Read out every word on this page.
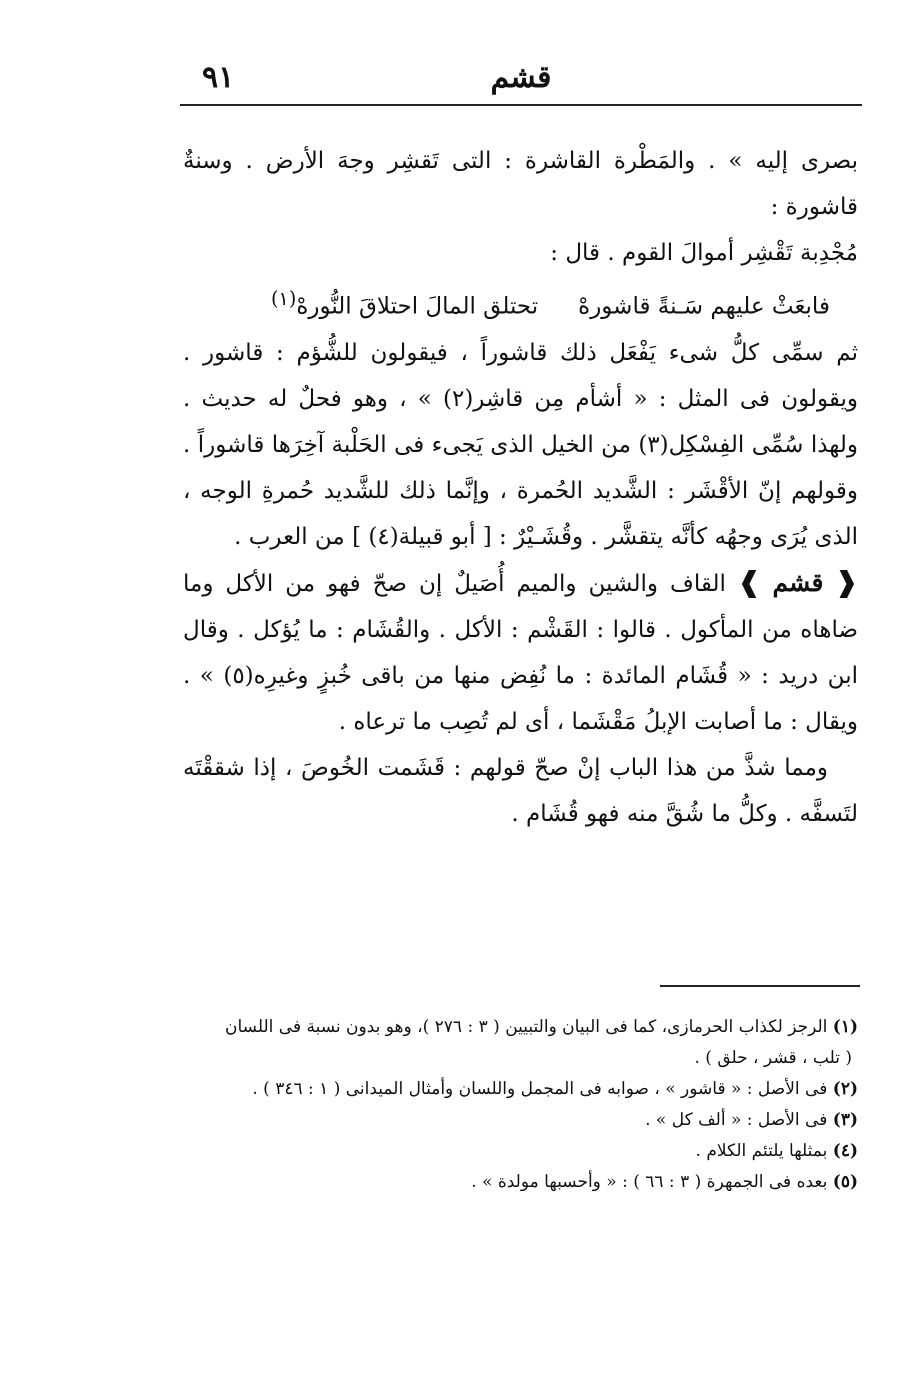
٩١	قشم

بصرى إليه » . والمَطْرة القاشرة : التى تَقشِر وجهَ الأرض . وسنةٌ قاشورة :
مُجْدِبة تَقْشِر أموالَ القوم . قال :

فابعَثْ عليهم سَـنةً قاشورهْتحتلق المالَ احتلاقَ النُّورهْ$^{(١)}$

ثم سمِّى كلُّ شىء يَفْعَل ذلك قاشوراً ، فيقولون للشُّؤم : قاشور . ويقولون فى المثل : « أشأم مِن قاشِر(٢) » ، وهو فحلٌ له حديث . ولهذا سُمِّى الفِسْكِل(٣) من الخيل الذى يَجىء فى الحَلْبة آخِرَها قاشوراً . وقولهم إنّ الأقْشَر : الشَّديد الحُمرة ، وإنَّما ذلك للشَّديد حُمرةِ الوجه ، الذى يُرَى وجهُه كأنَّه يتقشَّر . وقُشَـيْرٌ : [ أبو قبيلة(٤) ] من العرب .

❰ قشم ❱ القاف والشين والميم أُصَيلٌ إن صحّ فهو من الأكل وما ضاهاه من المأكول . قالوا : القَشْم : الأكل . والقُشَام : ما يُؤكل . وقال ابن دريد : « قُشَام المائدة : ما نُفِض منها من باقى خُبزٍ وغيرِه(٥) » . ويقال : ما أصابت الإبلُ مَقْشَما ، أى لم تُصِب ما ترعاه .

ومما شذَّ من هذا الباب إنْ صحّ قولهم : قَشَمت الخُوصَ ، إذا شققْتَه لتَسفَّه . وكلُّ ما شُقَّ منه فهو قُشَام .

(١) الرجز لكذاب الحرمازى، كما فى البيان والتبيين ( ٣ : ٢٧٦ )، وهو بدون نسبة فى اللسان

( تلب ، قشر ، حلق ) .

(٢) فى الأصل : « قاشور » ، صوابه فى المجمل واللسان وأمثال الميدانى ( ١ : ٣٤٦ ) .

(٣) فى الأصل : « ألف كل » .

(٤) بمثلها يلتئم الكلام .

(٥) بعده فى الجمهرة ( ٣ : ٦٦ ) : « وأحسبها مولدة » .
